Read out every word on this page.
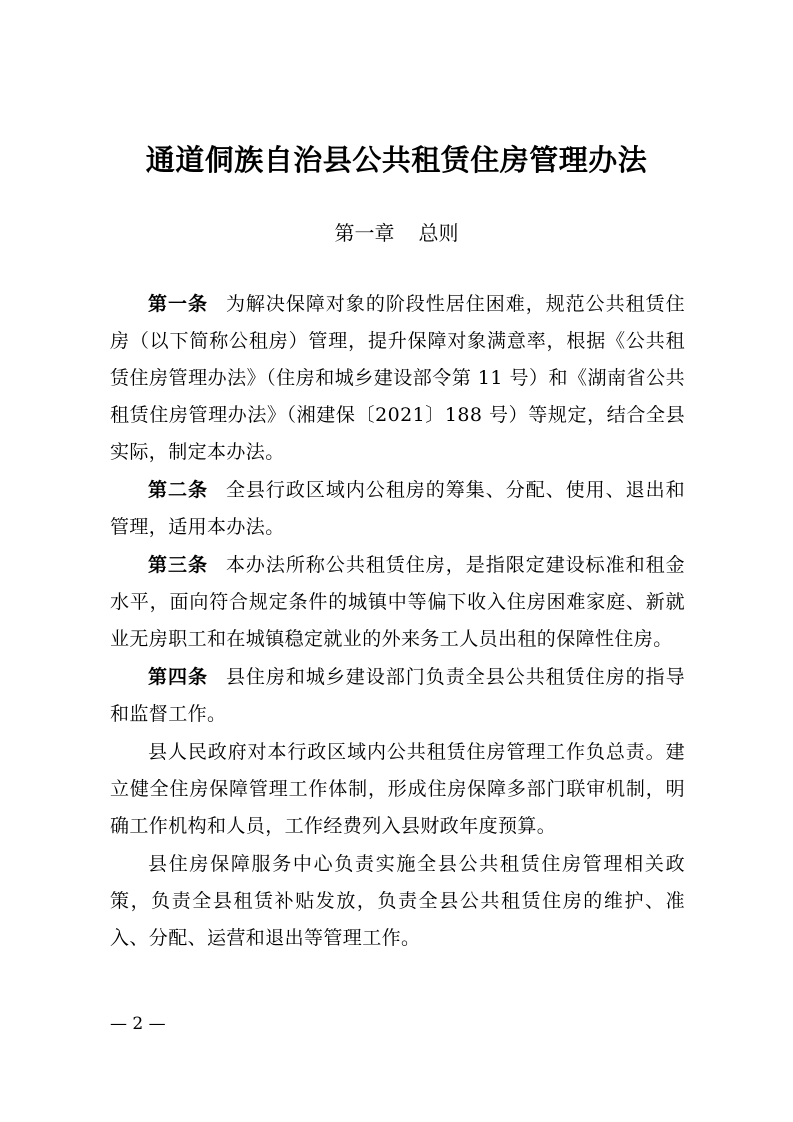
通道侗族自治县公共租赁住房管理办法
第一章 总则

第一条 为解决保障对象的阶段性居住困难，规范公共租赁住房（以下简称公租房）管理，提升保障对象满意率，根据《公共租赁住房管理办法》（住房和城乡建设部令第 11 号）和《湖南省公共租赁住房管理办法》（湘建保〔2021〕188 号）等规定，结合全县实际，制定本办法。

第二条 全县行政区域内公租房的筹集、分配、使用、退出和管理，适用本办法。

第三条 本办法所称公共租赁住房，是指限定建设标准和租金水平，面向符合规定条件的城镇中等偏下收入住房困难家庭、新就业无房职工和在城镇稳定就业的外来务工人员出租的保障性住房。

第四条 县住房和城乡建设部门负责全县公共租赁住房的指导和监督工作。

县人民政府对本行政区域内公共租赁住房管理工作负总责。建立健全住房保障管理工作体制，形成住房保障多部门联审机制，明确工作机构和人员，工作经费列入县财政年度预算。

县住房保障服务中心负责实施全县公共租赁住房管理相关政策，负责全县租赁补贴发放，负责全县公共租赁住房的维护、准入、分配、运营和退出等管理工作。

— 2 —
